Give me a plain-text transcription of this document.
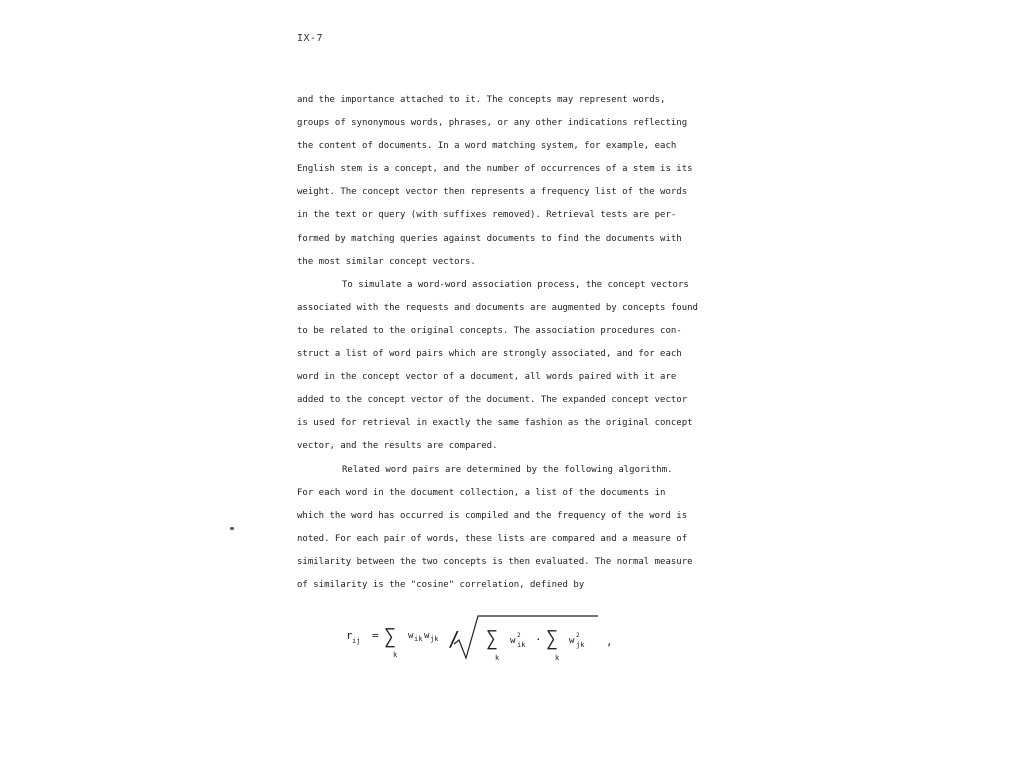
IX-7
and the importance attached to it. The concepts may represent words,
groups of synonymous words, phrases, or any other indications reflecting
the content of documents. In a word matching system, for example, each
English stem is a concept, and the number of occurrences of a stem is its
weight. The concept vector then represents a frequency list of the words
in the text or query (with suffixes removed). Retrieval tests are per-
formed by matching queries against documents to find the documents with
the most similar concept vectors.
To simulate a word-word association process, the concept vectors
associated with the requests and documents are augmented by concepts found
to be related to the original concepts. The association procedures con-
struct a list of word pairs which are strongly associated, and for each
word in the concept vector of a document, all words paired with it are
added to the concept vector of the document. The expanded concept vector
is used for retrieval in exactly the same fashion as the original concept
vector, and the results are compared.
Related word pairs are determined by the following algorithm.
For each word in the document collection, a list of the documents in
which the word has occurred is compiled and the frequency of the word is
noted. For each pair of words, these lists are compared and a measure of
similarity between the two concepts is then evaluated. The normal measure
of similarity is the "cosine" correlation, defined by
r ij = ∑
k
w ik w jk / ∑
k
w
2
ik · ∑
k
w
2
jk ,
